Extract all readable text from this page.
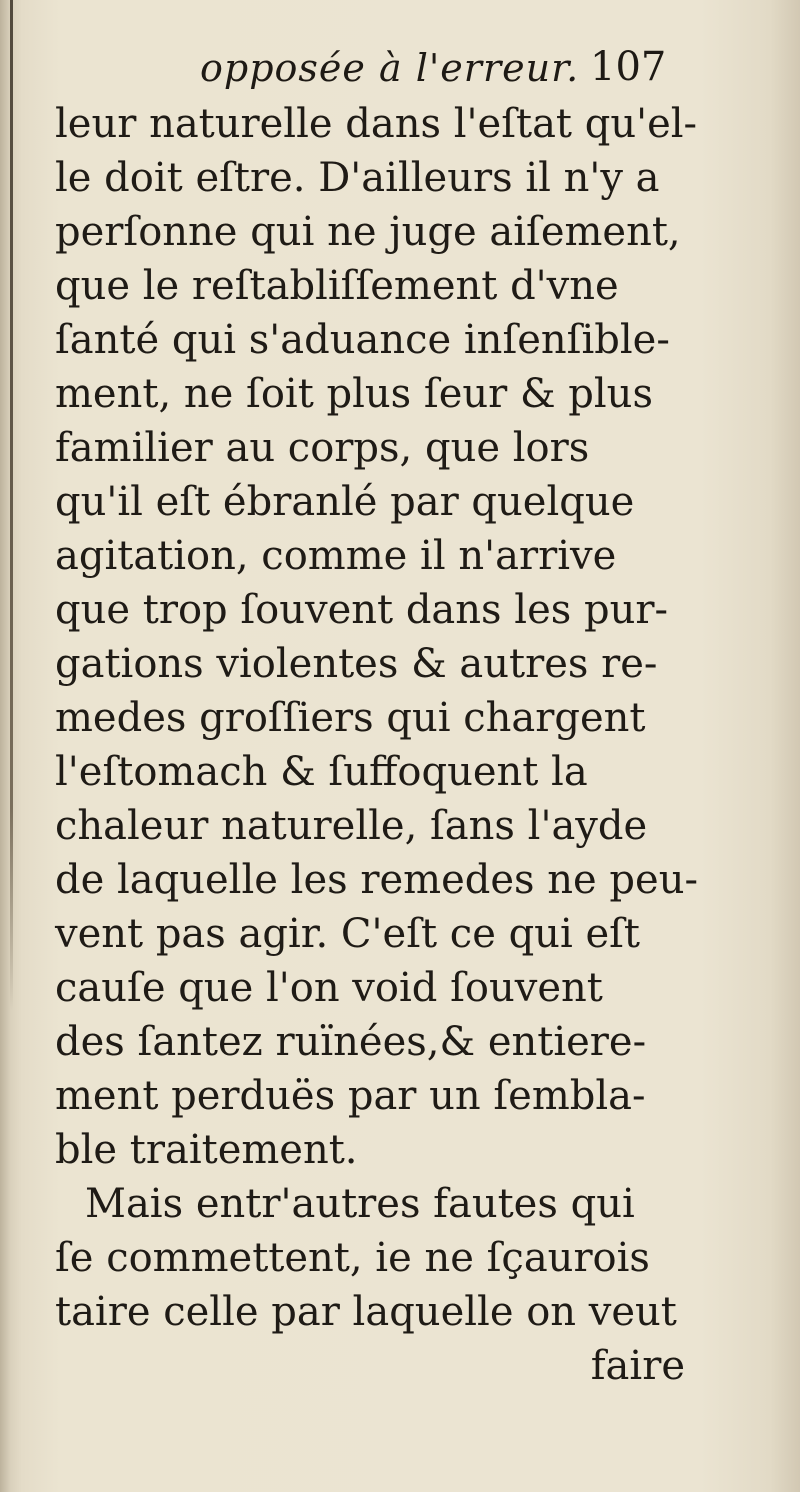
opposée à l'erreur. 107
leur naturelle dans l'eſtat qu'el-
le doit eſtre. D'ailleurs il n'y a
perſonne qui ne juge aiſement,
que le reſtabliſſement d'vne
ſanté qui s'aduance inſenſible-
ment, ne ſoit plus ſeur & plus
familier au corps, que lors
qu'il eſt ébranlé par quelque
agitation, comme il n'arrive
que trop ſouvent dans les pur-
gations violentes & autres re-
medes groſſiers qui chargent
l'eſtomach & ſuffoquent la
chaleur naturelle, ſans l'ayde
de laquelle les remedes ne peu-
vent pas agir. C'eſt ce qui eſt
cauſe que l'on void ſouvent
des ſantez ruïnées,& entiere-
ment perduës par un ſembla-
ble traitement.
Mais entr'autres fautes qui
ſe commettent, ie ne ſçaurois
taire celle par laquelle on veut
faire
